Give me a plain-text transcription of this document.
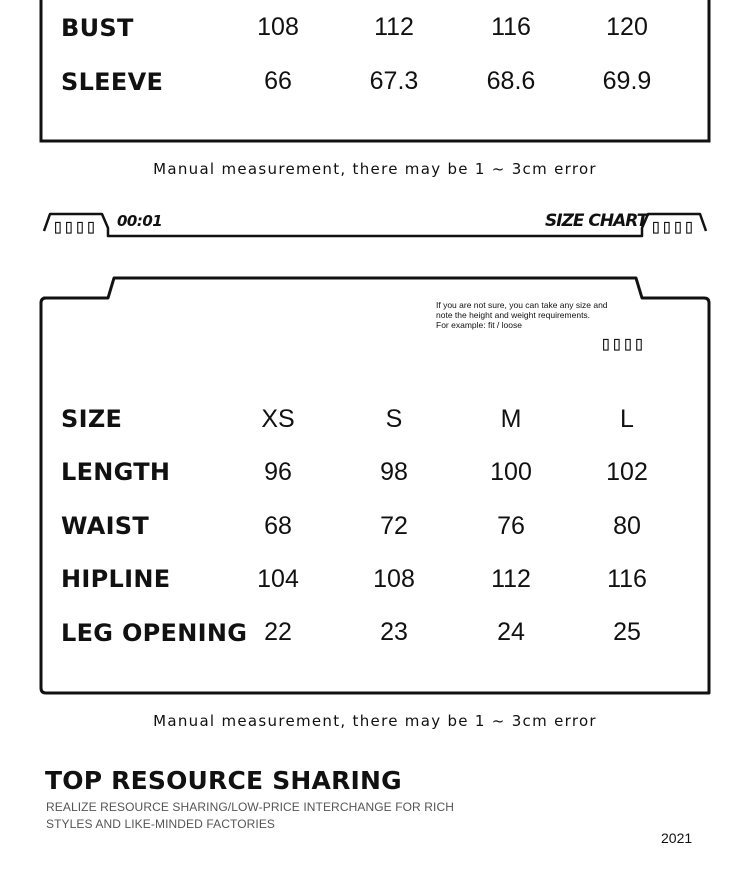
BUST	108	112	116	120
SLEEVE	66	67.3	68.6	69.9
Manual measurement, there may be 1 ~ 3cm error
▯▯▯▯ 00:01	SIZE CHART ▯▯▯▯
If you are not sure, you can take any size and
note the height and weight requirements.
For example: fit / loose
▯▯▯▯
SIZE	XS	S	M	L
LENGTH	96	98	100	102
WAIST	68	72	76	80
HIPLINE	104	108	112	116
LEG OPENING 22	23	24	25
Manual measurement, there may be 1 ~ 3cm error
TOP RESOURCE SHARING
REALIZE RESOURCE SHARING/LOW-PRICE INTERCHANGE FOR RICH
STYLES AND LIKE-MINDED FACTORIES
2021
